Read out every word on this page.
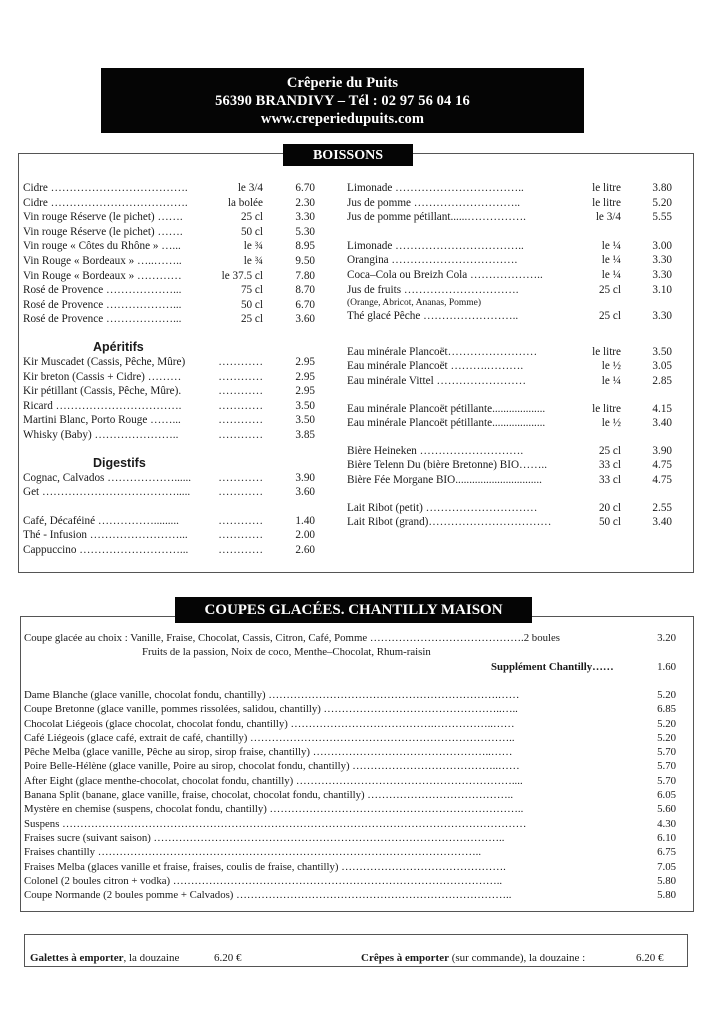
Crêperie du Puits
56390 BRANDIVY – Tél : 02 97 56 04 16
www.creperiedupuits.com
BOISSONS
Cidre ……………………………….	le 3/4	6.70
Cidre ……………………………….	la bolée	2.30
Vin rouge Réserve (le pichet) …….	25 cl	3.30
Vin rouge Réserve (le pichet) …….	50 cl	5.30
Vin rouge « Côtes du Rhône » …...	le ¾	8.95
Vin Rouge « Bordeaux » …..……..	le ¾	9.50
Vin Rouge « Bordeaux » …………	le 37.5 cl	7.80
Rosé de Provence ………………...	75 cl	8.70
Rosé de Provence ………………...	50 cl	6.70
Rosé de Provence ………………...	25 cl	3.60
Apéritifs
Kir Muscadet (Cassis, Pêche, Mûre)	…………	2.95
Kir breton (Cassis + Cidre) ………	…………	2.95
Kir pétillant (Cassis, Pêche, Mûre).	…………	2.95
Ricard …………………………….	…………	3.50
Martini Blanc, Porto Rouge ……...	…………	3.50
Whisky (Baby) …………………..	…………	3.85
Digestifs
Cognac, Calvados ………………...... …………	3.90
Get ……………………………….....	…………	3.60
Café, Décaféiné …………….........	…………	1.40
Thé - Infusion ……………………...	…………	2.00
Cappuccino ………………………...	…………	2.60
Limonade ……………………………..	le litre	3.80
Jus de pomme ………………………..	le litre	5.20
Jus de pomme pétillant......…………….	le 3/4	5.55
Limonade ……………………………..	le ¼	3.00
Orangina …………………………….	le ¼	3.30
Coca–Cola ou Breizh Cola ………………..	le ¼	3.30
Jus de fruits ………………………….	25 cl	3.10
(Orange, Abricot, Ananas, Pomme)
Thé glacé Pêche ……………………..	25 cl	3.30
Eau minérale Plancoët……………………	le litre	3.50
Eau minérale Plancoët ……….……….	le ½	3.05
Eau minérale Vittel ……………………	le ¼	2.85
Eau minérale Plancoët pétillante...................	le litre	4.15
Eau minérale Plancoët pétillante...................	le ½	3.40
Bière Heineken ……………………….	25 cl	3.90
Bière Telenn Du (bière Bretonne) BIO……..	33 cl	4.75
Bière Fée Morgane BIO...............................	33 cl	4.75
Lait Ribot (petit) …………………………	20 cl	2.55
Lait Ribot (grand)……………………………	50 cl	3.40
COUPES GLACÉES. CHANTILLY MAISON
Coupe glacée au choix : Vanille, Fraise, Chocolat, Cassis, Citron, Café, Pomme …………………………………….2 boules	3.20
Fruits de la passion, Noix de coco, Menthe–Chocolat, Rhum-raisin
Supplément Chantilly……	1.60
Dame Blanche (glace vanille, chocolat fondu, chantilly) ……………………………………………………….……	5.20
Coupe Bretonne (glace vanille, pommes rissolées, salidou, chantilly) …………………………………………..…..	6.85
Chocolat Liégeois (glace chocolat, chocolat fondu, chantilly) ………………………………….……………..……	5.20
Café Liégeois (glace café, extrait de café, chantilly) ………………………………………………………………..	5.20
Pêche Melba (glace vanille, Pêche au sirop, sirop fraise, chantilly) …………………………………………..……	5.70
Poire Belle-Hélène (glace vanille, Poire au sirop, chocolat fondu, chantilly) …………………………………..……	5.70
After Eight (glace menthe-chocolat, chocolat fondu, chantilly) ……………………………………………………....	5.70
Banana Split (banane, glace vanille, fraise, chocolat, chocolat fondu, chantilly) …………………………………..	6.05
Mystère en chemise (suspens, chocolat fondu, chantilly) ……………………………………………………………..	5.60
Suspens …………………………………………………………………………………………………………………	4.30
Fraises sucre (suivant saison) ……………………………………………………………………………………..	6.10
Fraises chantilly ……………………………………………………………………………………………..	6.75
Fraises Melba (glaces vanille et fraise, fraises, coulis de fraise, chantilly) ……………………………………….	7.05
Colonel (2 boules citron + vodka) ………………………………………………………………………………..	5.80
Coupe Normande (2 boules pomme + Calvados) …………………………………………………………………..	5.80
Galettes à emporter, la douzaine	6.20 €	Crêpes à emporter (sur commande), la douzaine :	6.20 €
